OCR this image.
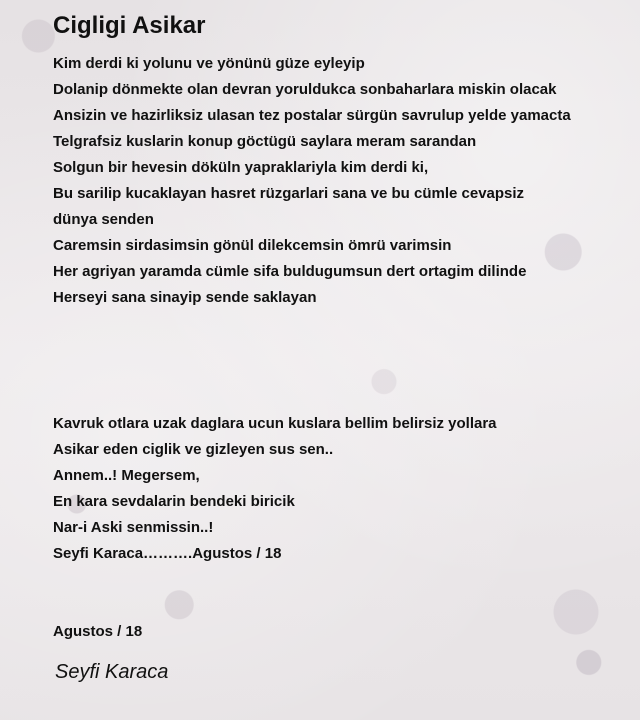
Cigligi Asikar
Kim derdi ki yolunu ve yönünü güze eyleyip
Dolanip dönmekte olan devran yoruldukca sonbaharlara miskin olacak
Ansizin ve hazirliksiz ulasan tez postalar sürgün savrulup yelde yamacta
Telgrafsiz kuslarin konup göctügü saylara meram sarandan
Solgun bir hevesin döküln yapraklariyla kim derdi ki,
Bu sarilip kucaklayan hasret rüzgarlari sana ve bu cümle cevapsiz
dünya senden
Caremsin sirdasimsin gönül dilekcemsin ömrü varimsin
Her agriyan yaramda cümle sifa buldugumsun dert ortagim dilinde
Herseyi sana sinayip sende saklayan
Kavruk otlara uzak daglara ucun kuslara bellim belirsiz yollara
Asikar eden ciglik ve gizleyen sus sen..
Annem..! Megersem,
En kara sevdalarin bendeki biricik
Nar-i Aski senmissin..!
Seyfi Karaca……….Agustos / 18
Agustos / 18
Seyfi Karaca
